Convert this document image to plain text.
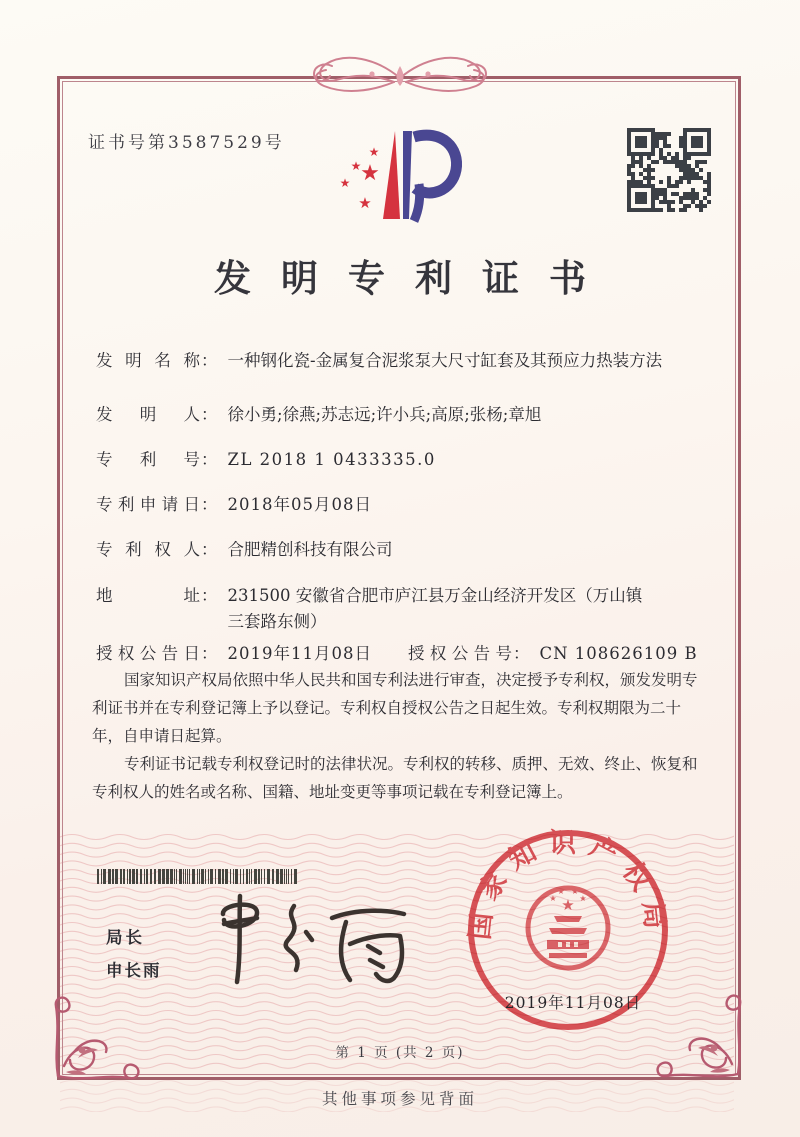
证书号第3587529号	★
★
★
★
★
发明专利证书
发 明 名 称 ： 一种钢化瓷-金属复合泥浆泵大尺寸缸套及其预应力热装方法
发 明 人 ： 徐小勇;徐燕;苏志远;许小兵;高原;张杨;章旭
专 利 号 ： ZL 2018 1 0433335.0
专 利 申 请 日 ： 2018年05月08日
专 利 权 人 ： 合肥精创科技有限公司
地	址 ： 231500 安徽省合肥市庐江县万金山经济开发区（万山镇
三套路东侧）
授 权 公 告 日 ： 2019年11月08日 授 权 公 告 号 ： CN 108626109 B

国家知识产权局依照中华人民共和国专利法进行审查，决定授予专利权，颁发发明专利证书并在专利登记簿上予以登记。专利权自授权公告之日起生效。专利权期限为二十年，自申请日起算。

专利证书记载专利权登记时的法律状况。专利权的转移、质押、无效、终止、恢复和专利权人的姓名或名称、国籍、地址变更等事项记载在专利登记簿上。

局长
申长雨
国家知识产权局
★
★
★ ★
★
2019年11月08日
第 1 页 (共 2 页)
其他事项参见背面
